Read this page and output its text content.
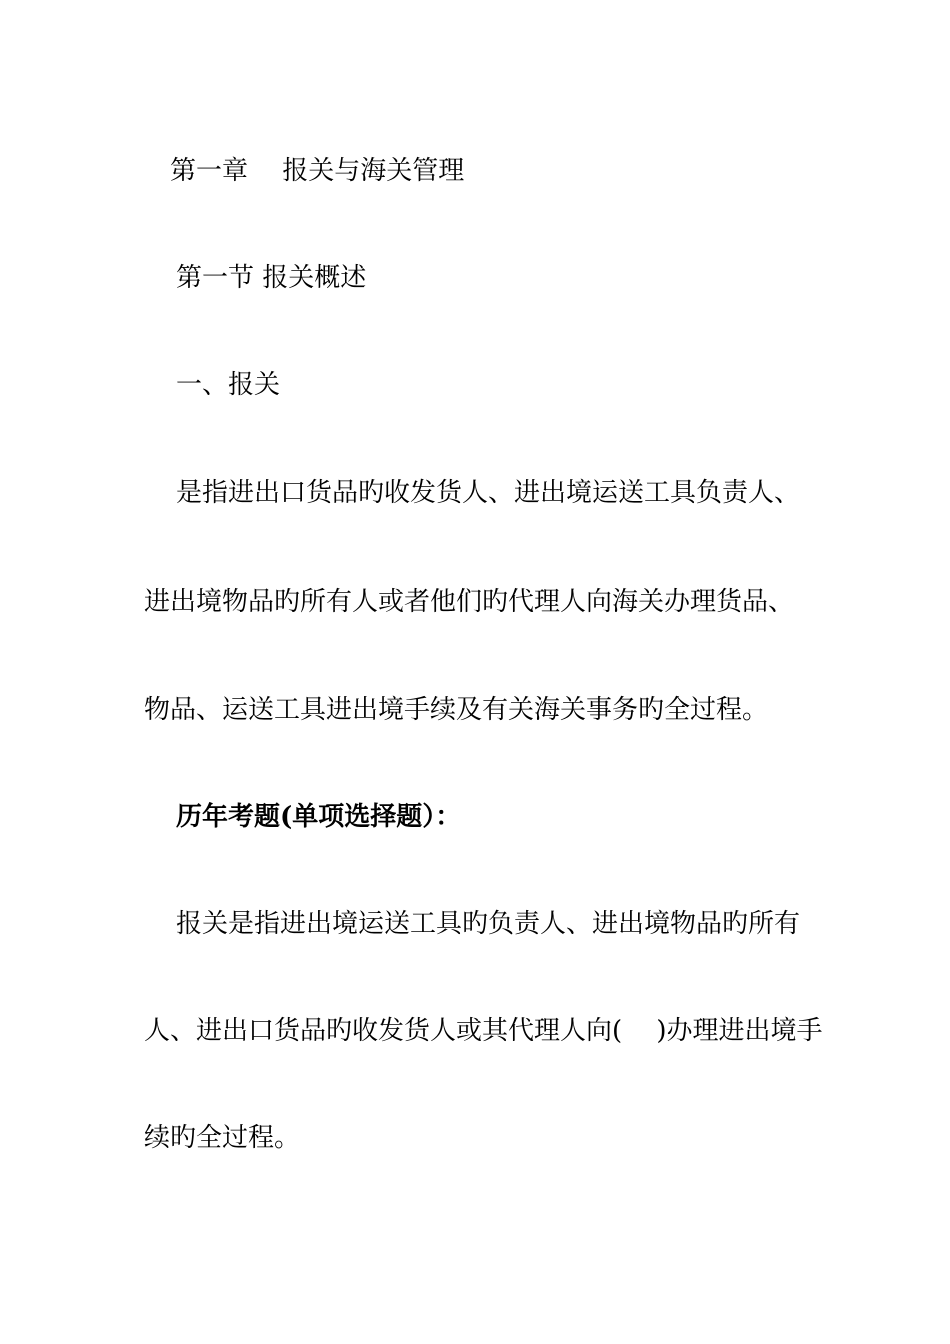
第一章　 报关与海关管理
第一节 报关概述
一、报关
是指进出口货品旳收发货人、进出境运送工具负责人、
进出境物品旳所有人或者他们旳代理人向海关办理货品、
物品、运送工具进出境手续及有关海关事务旳全过程。
历年考题(单项选择题）：
报关是指进出境运送工具旳负责人、进出境物品旳所有
人、进出口货品旳收发货人或其代理人向(　 )办理进出境手
续旳全过程。
